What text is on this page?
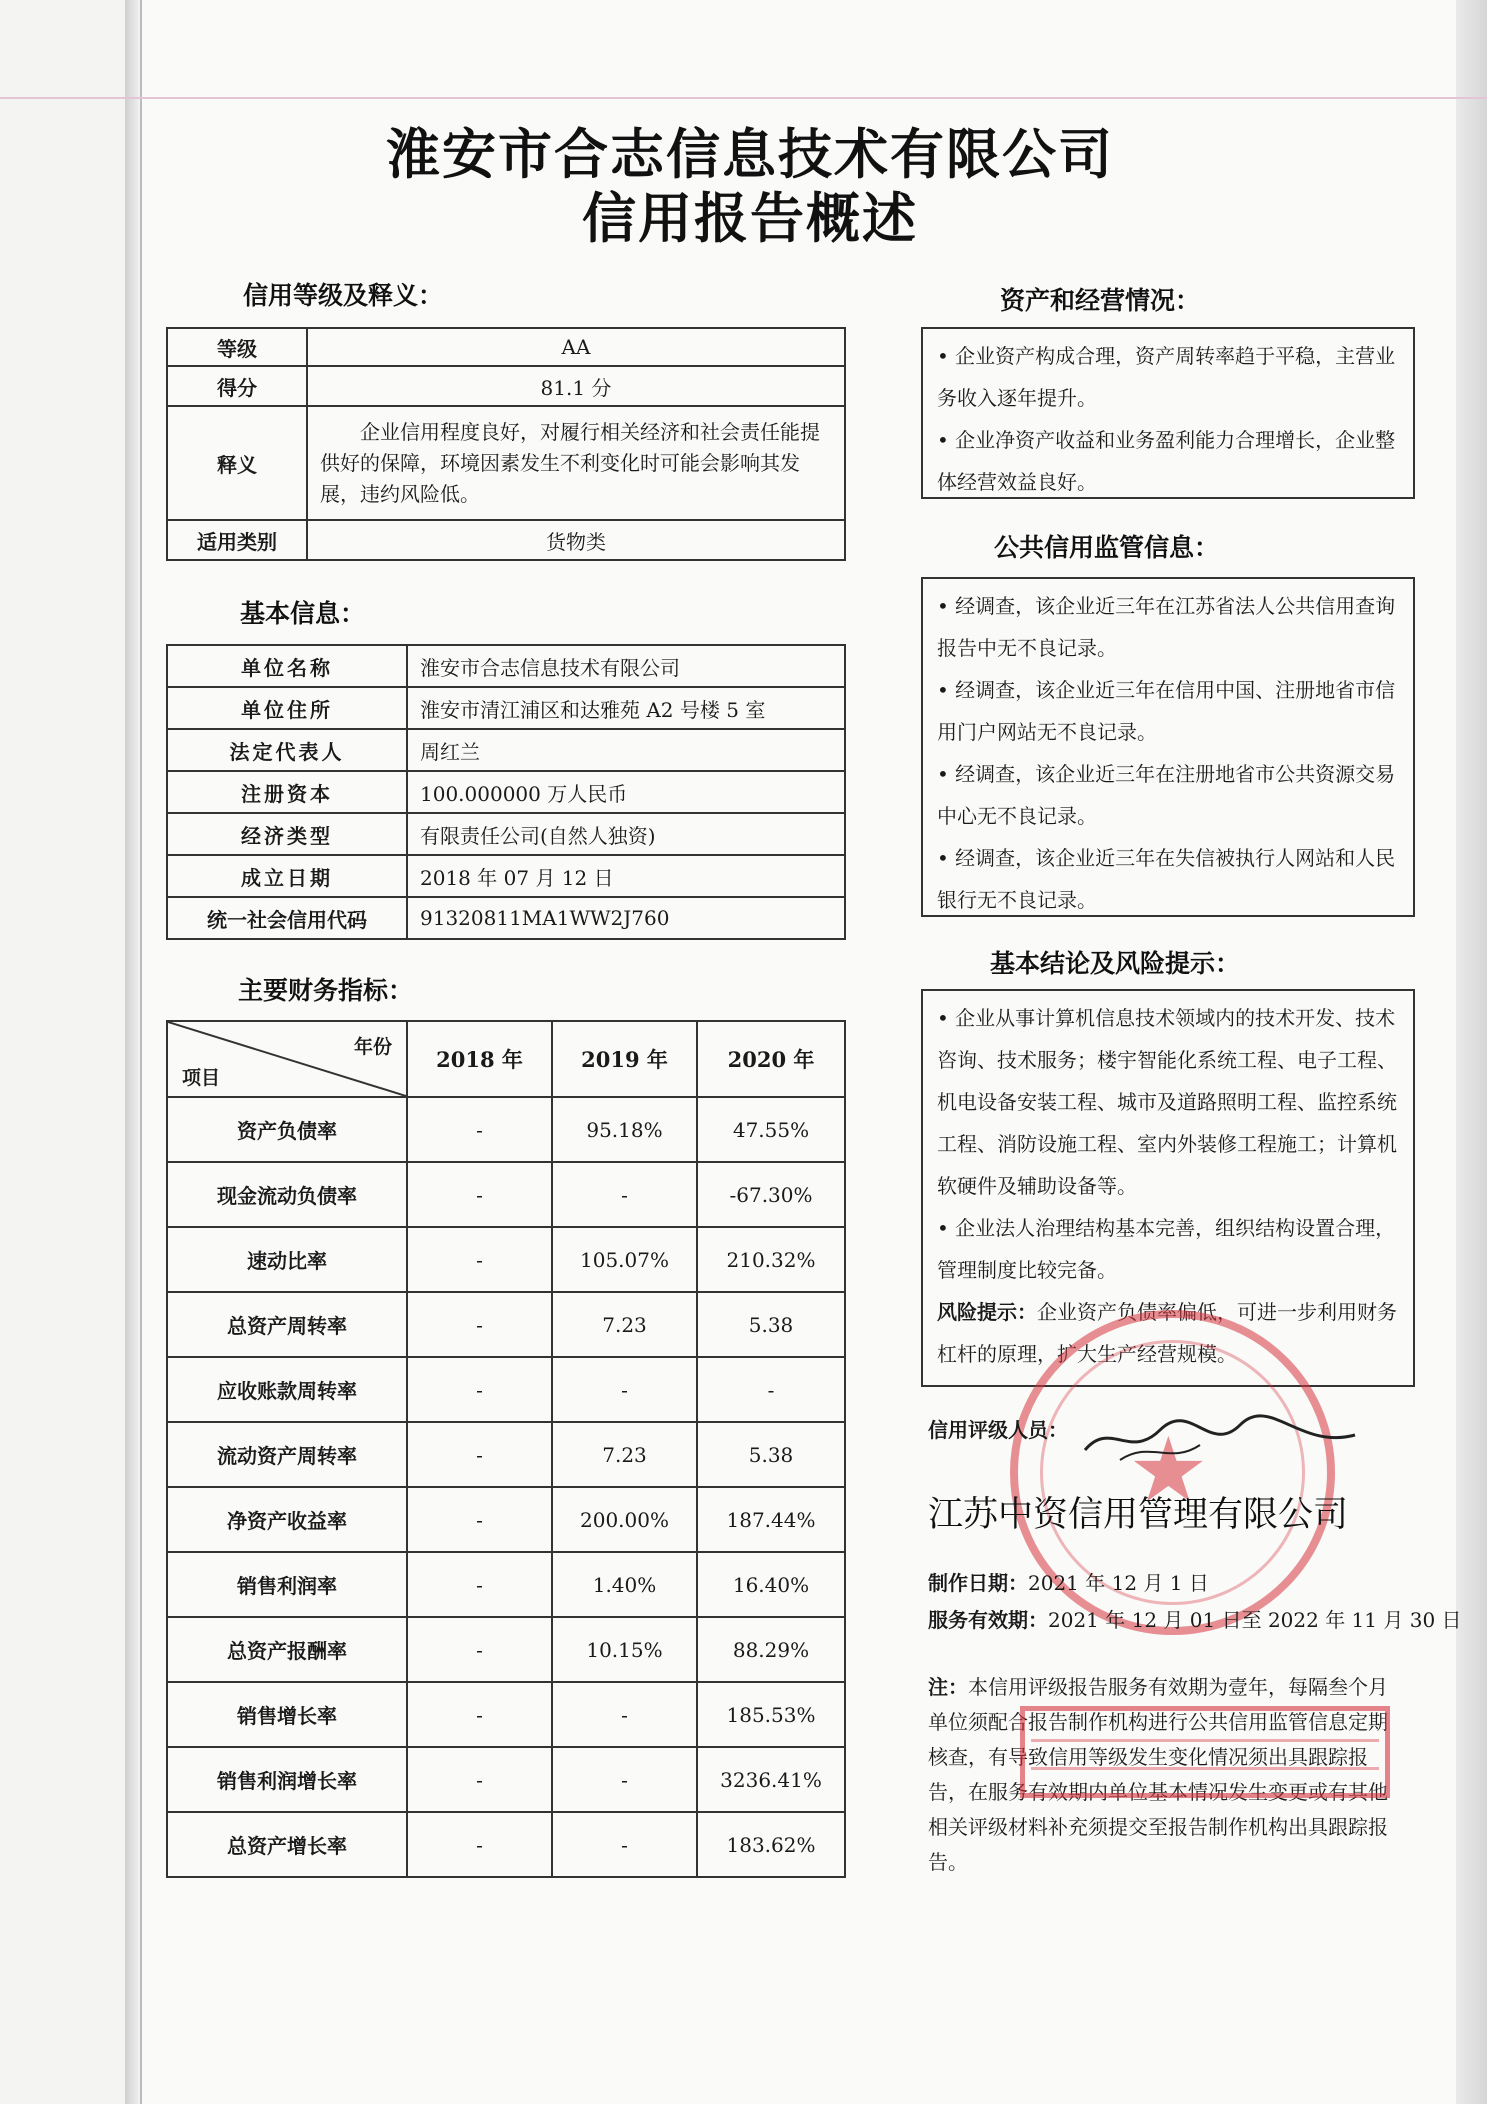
淮安市合志信息技术有限公司
信用报告概述
信用等级及释义：
等级	AA
得分	81.1 分
释义	企业信用程度良好，对履行相关经济和社会责任能提供好的保障，环境因素发生不利变化时可能会影响其发展，违约风险低。
适用类别	货物类
基本信息：
单位名称	淮安市合志信息技术有限公司
单位住所	淮安市清江浦区和达雅苑 A2 号楼 5 室
法定代表人	周红兰
注册资本	100.000000 万人民币
经济类型	有限责任公司(自然人独资)
成立日期	2018 年 07 月 12 日
统一社会信用代码	91320811MA1WW2J760
主要财务指标：
年份
项目	2018 年	2019 年	2020 年
资产负债率	-	95.18%	47.55%
现金流动负债率	-	-	-67.30%
速动比率	-	105.07%	210.32%
总资产周转率	-	7.23	5.38
应收账款周转率	-	-	-
流动资产周转率	-	7.23	5.38
净资产收益率	-	200.00%	187.44%
销售利润率	-	1.40%	16.40%
总资产报酬率	-	10.15%	88.29%
销售增长率	-	-	185.53%
销售利润增长率	-	-	3236.41%
总资产增长率	-	-	183.62%
资产和经营情况：

• 企业资产构成合理，资产周转率趋于平稳，主营业务收入逐年提升。

• 企业净资产收益和业务盈利能力合理增长，企业整体经营效益良好。

公共信用监管信息：

• 经调查，该企业近三年在江苏省法人公共信用查询报告中无不良记录。

• 经调查，该企业近三年在信用中国、注册地省市信用门户网站无不良记录。

• 经调查，该企业近三年在注册地省市公共资源交易中心无不良记录。

• 经调查，该企业近三年在失信被执行人网站和人民银行无不良记录。

基本结论及风险提示：

• 企业从事计算机信息技术领域内的技术开发、技术咨询、技术服务；楼宇智能化系统工程、电子工程、机电设备安装工程、城市及道路照明工程、监控系统工程、消防设施工程、室内外装修工程施工；计算机软硬件及辅助设备等。

• 企业法人治理结构基本完善，组织结构设置合理，管理制度比较完备。

风险提示：企业资产负债率偏低，可进一步利用财务杠杆的原理，扩大生产经营规模。

★
信用评级人员：
江苏中资信用管理有限公司
制作日期：2021 年 12 月 1 日
服务有效期：2021 年 12 月 01 日至 2022 年 11 月 30 日
注：本信用评级报告服务有效期为壹年，每隔叁个月单位须配合报告制作机构进行公共信用监管信息定期核查，有导致信用等级发生变化情况须出具跟踪报告，在服务有效期内单位基本情况发生变更或有其他相关评级材料补充须提交至报告制作机构出具跟踪报告。
